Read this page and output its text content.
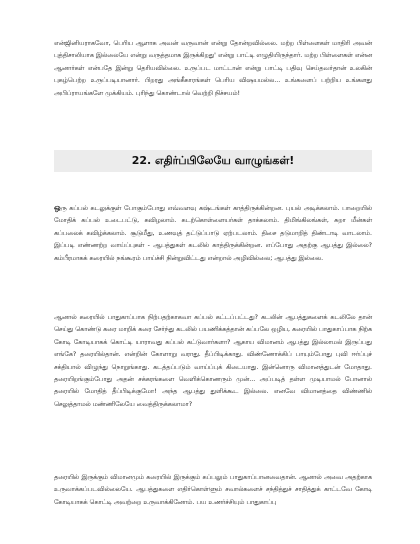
என்ஜினியராகவோ, பெரிய ஆளாக அவன் வருவான் என்று தோன்றவில்லை. மற்ற பிள்ளைகள் மாதிரி அவன் புத்திசாலியாக இல்லையே என்று வருத்தமாக இருக்கிறது' என்று பாட்டி எழுதியிருந்தார். மற்ற பிள்ளைகள் என்ன ஆனார்கள் என்பதே இன்று தெரியவில்லை. உருப்பட மாட்டான் என்று பாட்டி பதிவு செய்தவர்தான் உலகின் புகழ்பெற்ற உருப்படியானார். பிறரது அங்கீகாரங்கள் பெரிய விஷயமல்ல... உங்களைப் பற்றிய உங்களது அபிப்ராயங்களே முக்கியம். புரிந்து கொண்டால் வெற்றி நிச்சயம்!

22. எதிர்ப்பிலேயே வாழுங்கள்!

ஒரு கப்பல் கடலுக்குள் போகும்போது எவ்வளவு கஷ்டங்கள் காத்திருக்கின்றன. புயல் அடிக்கலாம். பாறையில் மோதிக் கப்பல் உடைபட்டு, கவிழலாம். கடற்கொள்ளையர்கள் தாக்கலாம். திமிங்கிலங்கள், சுறா மீன்கள் கப்பலைக் கவிழ்க்கலாம். சூடுமீது, உணவுத் தட்டுப்பாடு ஏற்படலாம். திசை தடுமாறித் திண்டாடி வாடலாம். இப்படி எண்ணற்ற வாய்ப்புகள் - ஆபத்துகள் கடலில் காத்திருக்கின்றன. எப்போது அதற்கு ஆபத்து இல்லை? கம்பீரமாகக் கரையில் நங்கூரம் பாய்ச்சி நின்றுவிட்டது என்றால் அழிவில்லை; ஆபத்து இல்லை.

ஆனால் கரையில் பாதுகாப்பாக நிற்பதற்காகவா கப்பல் கட்டப்பட்டது? கடலின் ஆபத்துகளைக் கடலிலே தான் செய்து கொண்டு கரை மாறிக் கரை சேர்ந்து கடலில் பயணிக்கத்தான் கப்பலே ஒழிய, கரையில் பாதுகாப்பாக நிற்க கோடி கோடியாகக் கொட்டி யாராவது கப்பல் கட்டுவார்களா? ஆகாய விமானம் ஆபத்து இல்லாமல் இருப்பது எங்கே? தரையில்தான். என்றின் கோளாறு வராது. தீப்பிடிக்காது. விண்ணோக்கிப் பாயும்போது புவி ஈர்ப்புச் சக்தியால் விழுந்து நொறுங்காது. கடத்தப்படும் வாய்ப்புக் கிடையாது. இன்னொரு விமானத்துடன் மோதாது. தரையிறங்கும்போது அதன் சக்கரங்களை வெளிக்கொணரும் முன்... அப்படித் தள்ள முடியாமல் போனால் தரையில் மோதித் தீப்பிடிக்குமோ! அந்த ஆபத்து துளிக்கூட இல்லை. எனவே விமானத்தை விண்ணில் செலுத்தாமல் மண்ணிலேயே வைத்திருக்கலாமா?

தரையில் இருக்கும் விமானமும் கரையில் இருக்கும் கப்பலும் பாதுகாப்பானவைதான். ஆனால் அவை அதற்காக உருவாக்கப்படவில்லையே. ஆபத்துகளை எதிர்கொள்ளும் சவால்களைச் சந்தித்துச் சாதித்துக் காட்டவே கோடி கோடியாகக் கொட்டி அவற்றை உருவாக்கினோம். பய உணர்ச்சியும் பாதுகாப்பு
